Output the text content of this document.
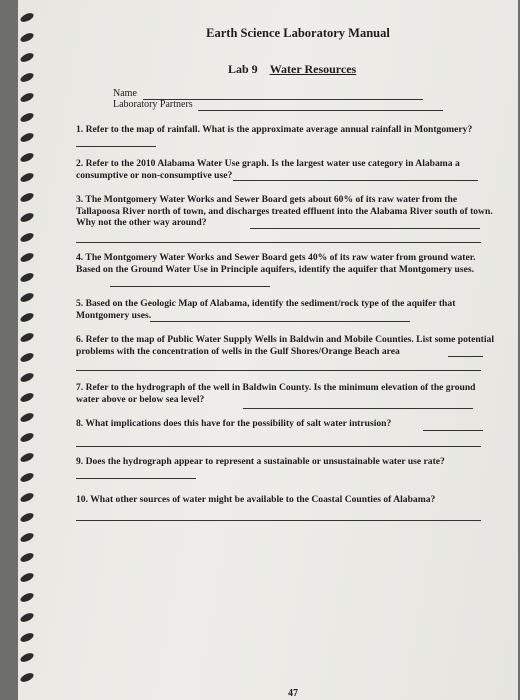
Earth Science Laboratory Manual
Lab 9 Water Resources
Name
Laboratory Partners
1. Refer to the map of rainfall. What is the approximate average annual rainfall in Montgomery?
2. Refer to the 2010 Alabama Water Use graph. Is the largest water use category in Alabama a consumptive or non-consumptive use?
3. The Montgomery Water Works and Sewer Board gets about 60% of its raw water from the Tallapoosa River north of town, and discharges treated effluent into the Alabama River south of town. Why not the other way around?
4. The Montgomery Water Works and Sewer Board gets 40% of its raw water from ground water. Based on the Ground Water Use in Principle aquifers, identify the aquifer that Montgomery uses.
5. Based on the Geologic Map of Alabama, identify the sediment/rock type of the aquifer that Montgomery uses.
6. Refer to the map of Public Water Supply Wells in Baldwin and Mobile Counties. List some potential problems with the concentration of wells in the Gulf Shores/Orange Beach area
7. Refer to the hydrograph of the well in Baldwin County. Is the minimum elevation of the ground water above or below sea level?
8. What implications does this have for the possibility of salt water intrusion?
9. Does the hydrograph appear to represent a sustainable or unsustainable water use rate?
10. What other sources of water might be available to the Coastal Counties of Alabama?
47
